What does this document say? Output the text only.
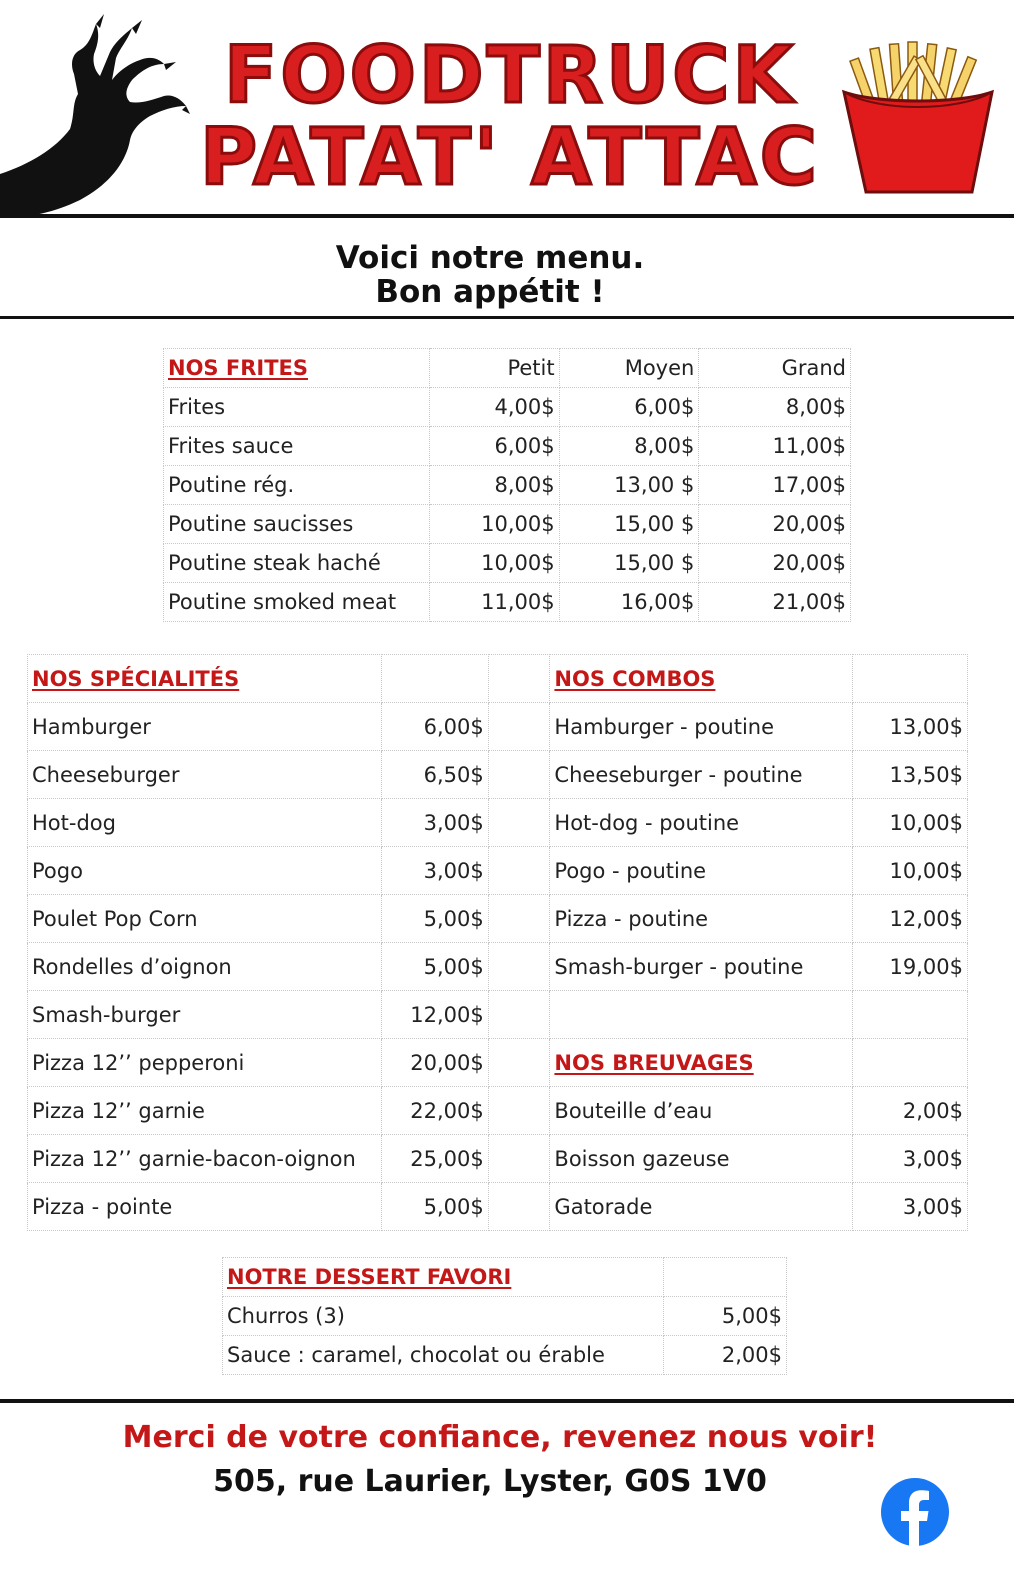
FOODTRUCK
PATAT' ATTAC
Voici notre menu.
Bon appétit !
NOS FRITES	Petit	Moyen	Grand
Frites	4,00$	6,00$	8,00$
Frites sauce	6,00$	8,00$	11,00$
Poutine rég.	8,00$	13,00 $	17,00$
Poutine saucisses	10,00$	15,00 $	20,00$
Poutine steak haché	10,00$	15,00 $	20,00$
Poutine smoked meat	11,00$	16,00$	21,00$
NOS SPÉCIALITÉS			NOS COMBOS	
Hamburger	6,00$		Hamburger - poutine	13,00$
Cheeseburger	6,50$		Cheeseburger - poutine	13,50$
Hot-dog	3,00$		Hot-dog - poutine	10,00$
Pogo	3,00$		Pogo - poutine	10,00$
Poulet Pop Corn	5,00$		Pizza - poutine	12,00$
Rondelles d’oignon	5,00$		Smash-burger - poutine	19,00$
Smash-burger	12,00$			
Pizza 12’’ pepperoni	20,00$		NOS BREUVAGES	
Pizza 12’’ garnie	22,00$		Bouteille d’eau	2,00$
Pizza 12’’ garnie-bacon-oignon	25,00$		Boisson gazeuse	3,00$
Pizza - pointe	5,00$		Gatorade	3,00$
NOTRE DESSERT FAVORI	
Churros (3)	5,00$
Sauce : caramel, chocolat ou érable	2,00$
Merci de votre confiance, revenez nous voir!
505, rue Laurier, Lyster, G0S 1V0
